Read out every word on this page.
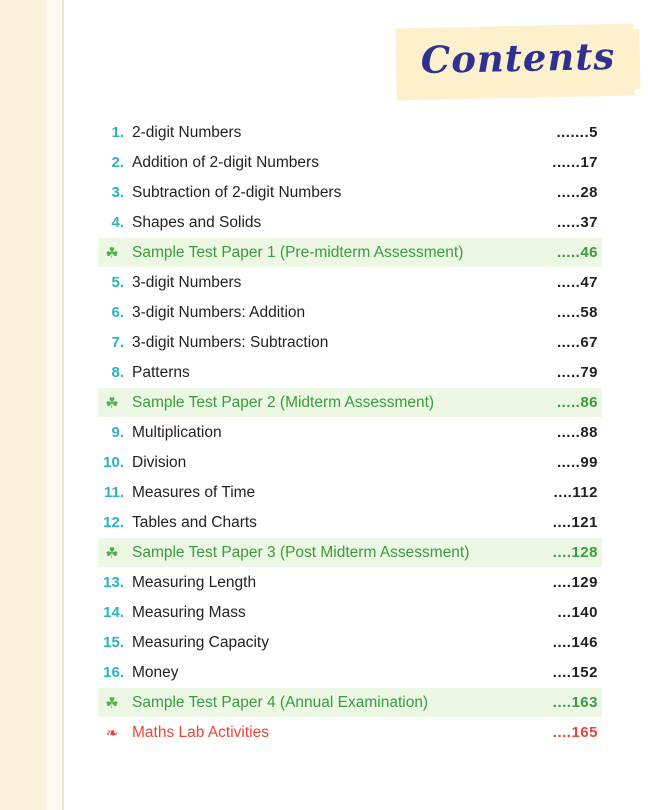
Contents
1. 2-digit Numbers	.......5
2. Addition of 2-digit Numbers	......17
3. Subtraction of 2-digit Numbers	.....28
4. Shapes and Solids	.....37
☘ Sample Test Paper 1 (Pre-midterm Assessment)	.....46
5. 3-digit Numbers	.....47
6. 3-digit Numbers: Addition	.....58
7. 3-digit Numbers: Subtraction	.....67
8. Patterns	.....79
☘ Sample Test Paper 2 (Midterm Assessment)	.....86
9. Multiplication	.....88
10. Division	.....99
11. Measures of Time	....112
12. Tables and Charts	....121
☘ Sample Test Paper 3 (Post Midterm Assessment)	....128
13. Measuring Length	....129
14. Measuring Mass	...140
15. Measuring Capacity	....146
16. Money	....152
☘ Sample Test Paper 4 (Annual Examination)	....163
❧ Maths Lab Activities	....165
